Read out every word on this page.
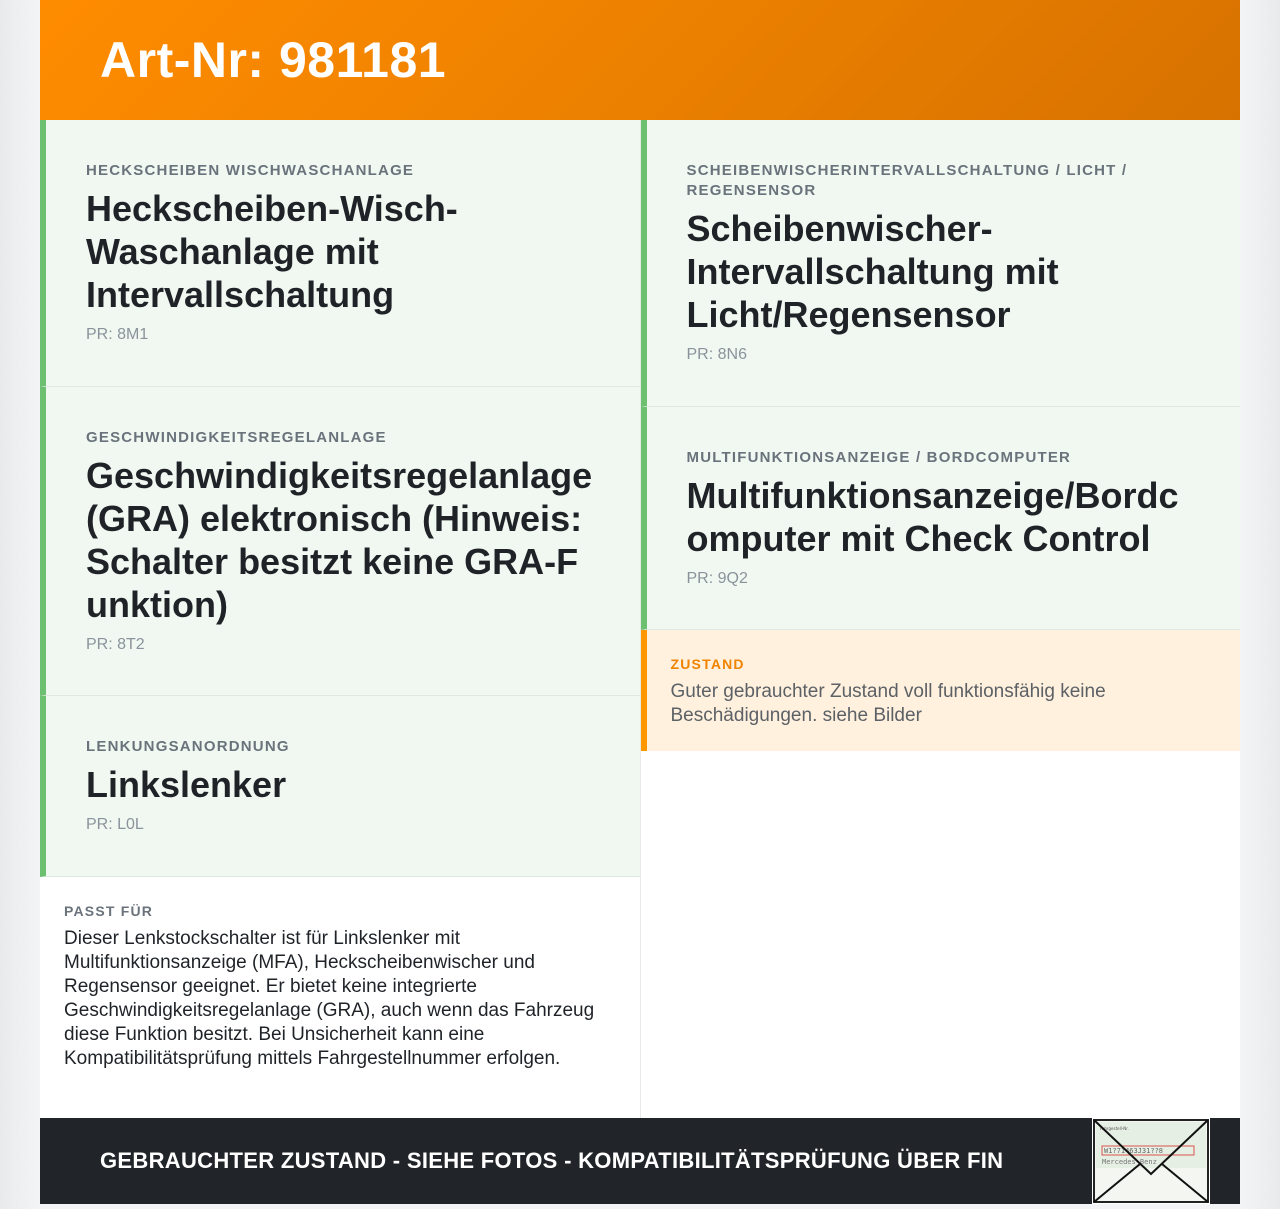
Art-Nr: 981181
HECKSCHEIBEN WISCHWASCHANLAGE
Heckscheiben-Wisch-Waschanlage mit Intervallschaltung
PR: 8M1
GESCHWINDIGKEITSREGELANLAGE
Geschwindigkeitsregelanlage (GRA) elektronisch (Hinweis: Schalter besitzt keine GRA-Funktion)
PR: 8T2
LENKUNGSANORDNUNG
Linkslenker
PR: L0L
PASST FÜR
Dieser Lenkstockschalter ist für Linkslenker mit Multifunktionsanzeige (MFA), Heckscheibenwischer und Regensensor geeignet. Er bietet keine integrierte Geschwindigkeitsregelanlage (GRA), auch wenn das Fahrzeug diese Funktion besitzt. Bei Unsicherheit kann eine Kompatibilitätsprüfung mittels Fahrgestellnummer erfolgen.
SCHEIBENWISCHERINTERVALLSCHALTUNG / LICHT / REGENSENSOR
Scheibenwischer-Intervallschaltung mit Licht/Regensensor
PR: 8N6
MULTIFUNKTIONSANZEIGE / BORDCOMPUTER
Multifunktionsanzeige/Bordcomputer mit Check Control
PR: 9Q2
ZUSTAND
Guter gebrauchter Zustand voll funktionsfähig keine Beschädigungen. siehe Bilder
GEBRAUCHTER ZUSTAND - SIEHE FOTOS - KOMPATIBILITÄTSPRÜFUNG ÜBER FIN
Fahrgestell-Nr.
W1?71463J31??8
Mercedes-Benz
